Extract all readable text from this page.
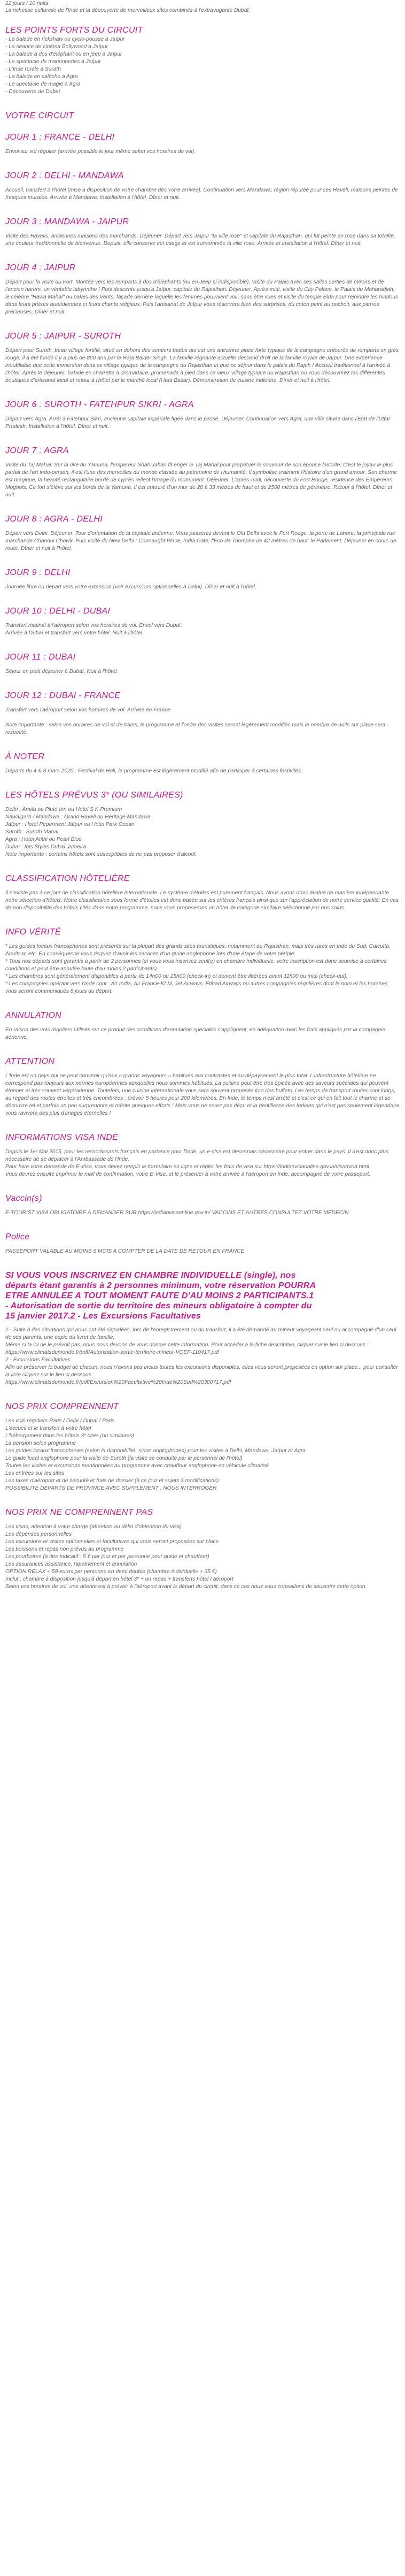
12 jours / 10 nuits

La richesse culturelle de l'Inde et la découverte de merveilleux sites combinés à l'extravagante Dubaï.

LES POINTS FORTS DU CIRCUIT
- La balade en rickshaw ou cyclo-pousse à Jaïpur
- La séance de cinéma Bollywood à Jaïpur
- La balade à dos d'éléphant ou en jeep à Jaïpur
- Le spectacle de marionnettes à Jaïpur
- L'Inde rurale à Surath
- La balade en calèche à Agra
- Le spectacle de magie à Agra
- Découverte de Dubaï
VOTRE CIRCUIT
JOUR 1 : FRANCE - DELHI

Envol sur vol régulier (arrivée possible le jour même selon vos horaires de vol).

JOUR 2 : DELHI - MANDAWA

Accueil, transfert à l'hôtel (mise à disposition de votre chambre dès votre arrivée). Continuation vers Mandawa, région réputée pour ses Haveli, maisons peintes de fresques murales. Arrivée à Mandawa. Installation à l'hôtel. Dîner et nuit.

JOUR 3 : MANDAWA - JAIPUR

Visite des Havelis, anciennes maisons des marchands. Déjeuner. Départ vers Jaïpur "la ville rose" et capitale du Rajasthan, qui fut peinte en rose dans sa totalité, une couleur traditionnelle de bienvenue. Depuis, elle conserve cet usage et est surnommée la ville rose. Arrivée et installation à l'hôtel. Dîner et nuit.

JOUR 4 : JAIPUR

Départ pour la visite du Fort. Montée vers les remparts à dos d'éléphants (ou en Jeep si indisponible). Visite du Palais avec ses salles serties de miroirs et de l'ancien harem, un véritable labyrinthe ! Puis descente jusqu'à Jaïpur, capitale du Rajasthan. Déjeuner. Après-midi, visite du City Palace, le Palais du Maharadjah, le célèbre "Hawa Mahal" ou palais des Vents, façade derrière laquelle les femmes pouvaient voir, sans être vues et visite du temple Birla pour rejoindre les hindous dans leurs prières quotidiennes et leurs chants religieux. Puis l'artisanat de Jaïpur vous réservera bien des surprises, du coton peint au pochoir, aux pierres précieuses. Dîner et nuit.

JOUR 5 : JAIPUR - SUROTH

Départ pour Suroth, beau village fortifié, situé en dehors des sentiers battus qui est une ancienne place forte typique de la campagne entourée de remparts en grès rouge; il a été fondé il y a plus de 800 ans par le Raja Balder Singh. La famille régnante actuelle descend droit de la famille royale de Jaïpur. Une expérience inoubliable que cette immersion dans ce village typique de la campagne du Rajasthan et que ce séjour dans le palais du Rajah ! Accueil traditionnel à l'arrivée à l'hôtel. Après le déjeuner, balade en charrette à dromadaire, promenade à pied dans ce vieux village typique du Rajasthan où vous découvrirez les différentes boutiques d'artisanat local et retour à l'hôtel par le marché local (Haat Bazar). Démonstration de cuisine indienne. Dîner et nuit à l'hôtel.

JOUR 6 : SUROTH - FATEHPUR SIKRI - AGRA

Départ vers Agra. Arrêt à Fatehpur Sikri, ancienne capitale impériale figée dans le passé. Déjeuner. Continuation vers Agra, une ville située dans l'État de l'Uttar Pradesh. Installation à l'hôtel. Dîner et nuit.

JOUR 7 : AGRA

Visite du Taj Mahal. Sur la rive du Yamuna, l'empereur Shah Jahan fit ériger le Taj Mahal pour perpétuer le souvenir de son épouse favorite. C'est le joyau le plus parfait de l'art indo-persan, il est l'une des merveilles du monde classée au patrimoine de l'humanité. Il symbolise vraiment l'histoire d'un grand amour. Son charme est magique, la beauté rectangulaire bordé de cyprès relient l'image du monument. Déjeuner. L'après-midi, découverte du Fort Rouge, résidence des Empereurs Moghols. Ce fort s'élève sur les bords de la Yamuna. Il est entouré d'un mur de 20 à 33 mètres de haut et de 2500 mètres de périmètre. Retour à l'hôtel. Dîner et nuit.

JOUR 8 : AGRA - DELHI

Départ vers Delhi. Déjeuner. Tour d'orientation de la capitale indienne. Vous passerez devant le Old Delhi avec le Fort Rouge, la porte de Lahore, la principale rue marchande Chandni Chowk. Puis visite du New Delhi : Connaught Place, India Gate, l'Eco de Triomphe de 42 mètres de haut, le Parlement. Déjeuner en cours de route. Dîner et nuit à l'hôtel.

JOUR 9 : DELHI

Journée libre ou départ vers votre extension (voir excursions optionnelles à Delhi). Dîner et nuit à l'hôtel.

JOUR 10 : DELHI - DUBAI

Transfert matinal à l'aéroport selon vos horaires de vol. Envol vers Dubaï.
Arrivée à Dubaï et transfert vers votre hôtel. Nuit à l'hôtel.

JOUR 11 : DUBAI

Séjour en petit déjeuner à Dubaï. Nuit à l'hôtel.

JOUR 12 : DUBAI - FRANCE

Transfert vers l'aéroport selon vos horaires de vol. Arrivée en France

Note importante : selon vos horaires de vol et de trains, le programme et l'ordre des visites seront légèrement modifiés mais le nombre de nuits sur place sera respecté.

À NOTER

Départs du 4 & 8 mars 2020 : Festival de Holi, le programme est légèrement modifié afin de participer à certaines festivités.

LES HÔTELS PRÉVUS 3* (OU SIMILAIRES)
Delhi : Amita ou Pluto Inn ou Hotel S K Premium
Nawalgarh / Mandawa : Grand Haveli ou Heritage Mandawa
Jaïpur : Hotel Peperment Jaïpur ou Hotel Park Ocean
Suroth : Suroth Mahal
Agra : Hotel Atithi ou Pearl Blue
Dubaï : Ibis Styles Dubaï Jumeira
Note importante : certains hôtels sont susceptibles de ne pas proposer d'alcool.
CLASSIFICATION HÔTELIÈRE

Il n'existe pas à ce jour de classification hôtelière internationale. Le système d'étoiles est purement français. Nous avons donc évalué de manière indépendante notre sélection d'hôtels. Notre classification sous forme d'étoiles est donc basée sur les critères français ainsi que sur l'appréciation de notre service qualité. En cas de non disponibilité des hôtels cités dans notre programme, nous vous proposerons un hôtel de catégorie similaire sélectionné par nos soins.

INFO VÉRITÉ

* Les guides locaux francophones sont présents sur la plupart des grands sites touristiques, notamment au Rajasthan, mais très rares en Inde du Sud, Calcutta, Amritsar, etc. En conséquence vous risquez d'avoir les services d'un guide anglophone lors d'une étape de votre périple.
* Tous nos départs sont garantis à partir de 2 personnes (si vous vous inscrivez seul(e) en chambre individuelle, votre inscription est donc soumise à certaines conditions et peut être annulée faute d'au moins 2 participants).
* Les chambres sont généralement disponibles à partir de 14h00 ou 15h00 (check-in) et doivent être libérées avant 11h00 ou midi (check-out).
* Les compagnies opérant vers l'Inde sont : Air India, Air France-KLM, Jet Airways, Etihad Airways ou autres compagnies régulières dont le nom et les horaires vous seront communiqués 8 jours du départ.

ANNULATION

En raison des vols réguliers utilisés sur ce produit des conditions d'annulation spéciales s'appliquent, en adéquation avec les frais appliqués par la compagnie aérienne.

ATTENTION

L'Inde est un pays qui ne peut convenir qu'aux « grands voyageurs » habitués aux contrastes et au dépaysement le plus total. L'infrastructure hôtelière ne correspond pas toujours aux normes européennes auxquelles nous sommes habitués. La cuisine peut être très épicée avec des saveurs spéciales qui peuvent étonner et très souvent végétarienne. Toutefois, une cuisine internationale vous sera souvent proposée lors des buffets. Les temps de transport routier sont longs, au regard des routes étroites et très encombrées : prévoir 5 heures pour 200 kilomètres. En Inde, le temps n'est arrêté et c'est ce qui en fait tout le charme et se découvre tel et parfois un peu surprenante et mérite quelques efforts ! Mais vous ne serez pas déçu et la gentillesse des Indiens qui n'est pas seulement légendaire vous ravivera des plus d'images éternelles !

INFORMATIONS VISA INDE

Depuis le 1er Mai 2015, pour les ressortissants français en partance pour l'Inde, un e-visa est désormais nécessaire pour entrer dans le pays. Il n'est donc plus nécessaire de se déplacer à l'Ambassade de l'Inde.
Pour faire votre demande de E-Visa, vous devez remplir le formulaire en ligne et régler les frais de visa sur https://indianvisaonline.gov.in/visa/tvoa.html
Vous devrez ensuite imprimer le mail de confirmation, votre E-Visa, et le présenter à votre arrivée à l'aéroport en Inde, accompagné de votre passeport.

Vaccin(s)

E-TOURIST VISA OBLIGATOIRE A DEMANDER SUR https://indianvisaonline.gov.in/ VACCINS ET AUTRES CONSULTEZ VOTRE MEDECIN

Police

PASSEPORT VALABLE AU MOINS 6 MOIS A COMPTER DE LA DATE DE RETOUR EN FRANCE

SI VOUS VOUS INSCRIVEZ EN CHAMBRE INDIVIDUELLE (single), nos
départs étant garantis à 2 personnes minimum, votre réservation POURRA
ETRE ANNULEE A TOUT MOMENT FAUTE D'AU MOINS 2 PARTICIPANTS.1
- Autorisation de sortie du territoire des mineurs obligatoire à compter du
15 janvier 2017.2 - Les Excursions Facultatives

1 - Suite à des situations qui nous ont été signalées, lors de l'enregistrement ou du transfert, il a été demandé au mineur voyageant seul ou accompagné d'un seul de ses parents, une copie du livret de famille.
Même si la loi ne le prévoit pas, nous nous devons de vous donner cette information. Pour accéder à la fiche descriptive, cliquer sur le lien ci dessous :
https://www.climatsdumonde.fr/pdf/Autorisation-sortie-territoire-mineur-VOEF-110417.pdf
2 - Excursions Facultatives
Afin de préserver le budget de chacun, nous n'avons pas inclus toutes les excursions disponibles, elles vous seront proposées en option sur place... pour consulter la liste cliquez sur le lien ci dessous :
https://www.climatsdumonde.fr/pdf/Excursion%20Facultative%20Inde%20Sud%20300717.pdf

NOS PRIX COMPRENNENT

Les vols réguliers Paris / Delhi / Dubaï / Paris
L'accueil et le transfert à votre hôtel
L'hébergement dans les hôtels 3* cités (ou similaires)
La pension selon programme
Les guides locaux francophones (selon la disponibilité, sinon anglophones) pour les visites à Delhi, Mandawa, Jaïpur et Agra
Le guide local anglophone pour la visite de Suroth (la visite se conduite par le personnel de l'hôtel)
Toutes les visites et excursions mentionnées au programme avec chauffeur anglophone en véhicule climatisé
Les entrées sur les sites
Les taxes d'aéroport et de sécurité et frais de dossier (à ce jour et sujets à modifications)
POSSIBILITÉ DÉPARTS DE PROVINCE AVEC SUPPLÉMENT : NOUS INTERROGER.

NOS PRIX NE COMPRENNENT PAS

Les visas, attention à votre charge (attention au délai d'obtention du visa)
Les dépenses personnelles
Les excursions et visites optionnelles et facultatives qui vous seront proposées sur place
Les boissons et repas non prévus au programme
Les pourboires (à titre indicatif : 5 € par jour et par personne pour guide et chauffeur)
Les assurances assistance, rapatriement et annulation
OPTION RELAX + 59 euros par personne en demi double (chambre individuelle + 35 €)
Inclut : chambre à disposition jusqu'à départ en hôtel 3* + un repas + transferts hôtel / aéroport
Selon vos horaires de vol, une attente est à prévoir à l'aéroport avant le départ du circuit, dans ce cas nous vous conseillons de souscrire cette option.
